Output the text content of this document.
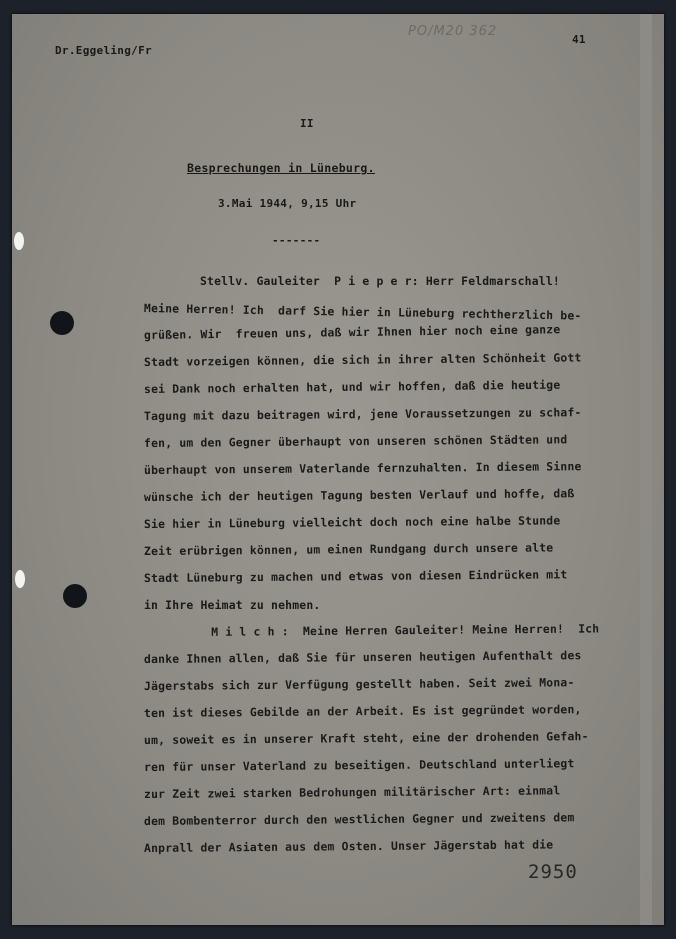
Dr.Eggeling/Fr

41

PO/M20 362

II

Besprechungen in Lüneburg.

3.Mai 1944, 9,15 Uhr

-------

Stellv. Gauleiter  P i e p e r: Herr Feldmarschall!

Meine Herren! Ich  darf Sie hier in Lüneburg rechtherzlich be-

grüßen. Wir  freuen uns, daß wir Ihnen hier noch eine ganze

Stadt vorzeigen können, die sich in ihrer alten Schönheit Gott

sei Dank noch erhalten hat, und wir hoffen, daß die heutige

Tagung mit dazu beitragen wird, jene Voraussetzungen zu schaf-

fen, um den Gegner überhaupt von unseren schönen Städten und

überhaupt von unserem Vaterlande fernzuhalten. In diesem Sinne

wünsche ich der heutigen Tagung besten Verlauf und hoffe, daß

Sie hier in Lüneburg vielleicht doch noch eine halbe Stunde

Zeit erübrigen können, um einen Rundgang durch unsere alte

Stadt Lüneburg zu machen und etwas von diesen Eindrücken mit

in Ihre Heimat zu nehmen.

M i l c h :  Meine Herren Gauleiter! Meine Herren!  Ich

danke Ihnen allen, daß Sie für unseren heutigen Aufenthalt des

Jägerstabs sich zur Verfügung gestellt haben. Seit zwei Mona-

ten ist dieses Gebilde an der Arbeit. Es ist gegründet worden,

um, soweit es in unserer Kraft steht, eine der drohenden Gefah-

ren für unser Vaterland zu beseitigen. Deutschland unterliegt

zur Zeit zwei starken Bedrohungen militärischer Art: einmal

dem Bombenterror durch den westlichen Gegner und zweitens dem

Anprall der Asiaten aus dem Osten. Unser Jägerstab hat die

2950
